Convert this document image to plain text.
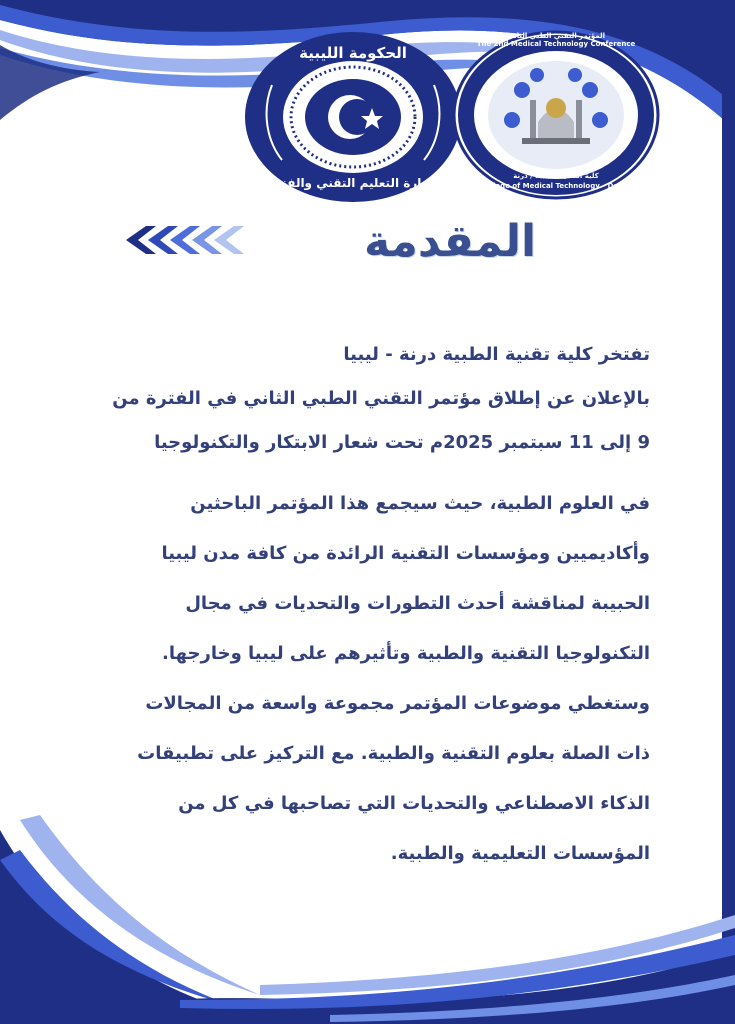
الحكومة الليبية
وزارة التعليم التقني والفني
The 2nd Medical Technology Conference
المؤتمر التقني الطبي الثاني
College of Medical Technology - Derna
كلية التقنية الطبية / درنة
المقدمة
تفتخر كلية تقنية الطبية درنة - ليبيا
بالإعلان عن إطلاق مؤتمر التقني الطبي الثاني في الفترة من
9 إلى 11 سبتمبر 2025م تحت شعار الابتكار والتكنولوجيا
في العلوم الطبية، حيث سيجمع هذا المؤتمر الباحثين
وأكاديميين ومؤسسات التقنية الرائدة من كافة مدن ليبيا
الحبيبة لمناقشة أحدث التطورات والتحديات في مجال
التكنولوجيا التقنية والطبية وتأثيرهم على ليبيا وخارجها.
وستغطي موضوعات المؤتمر مجموعة واسعة من المجالات
ذات الصلة بعلوم التقنية والطبية. مع التركيز على تطبيقات
الذكاء الاصطناعي والتحديات التي تصاحبها في كل من
المؤسسات التعليمية والطبية.
